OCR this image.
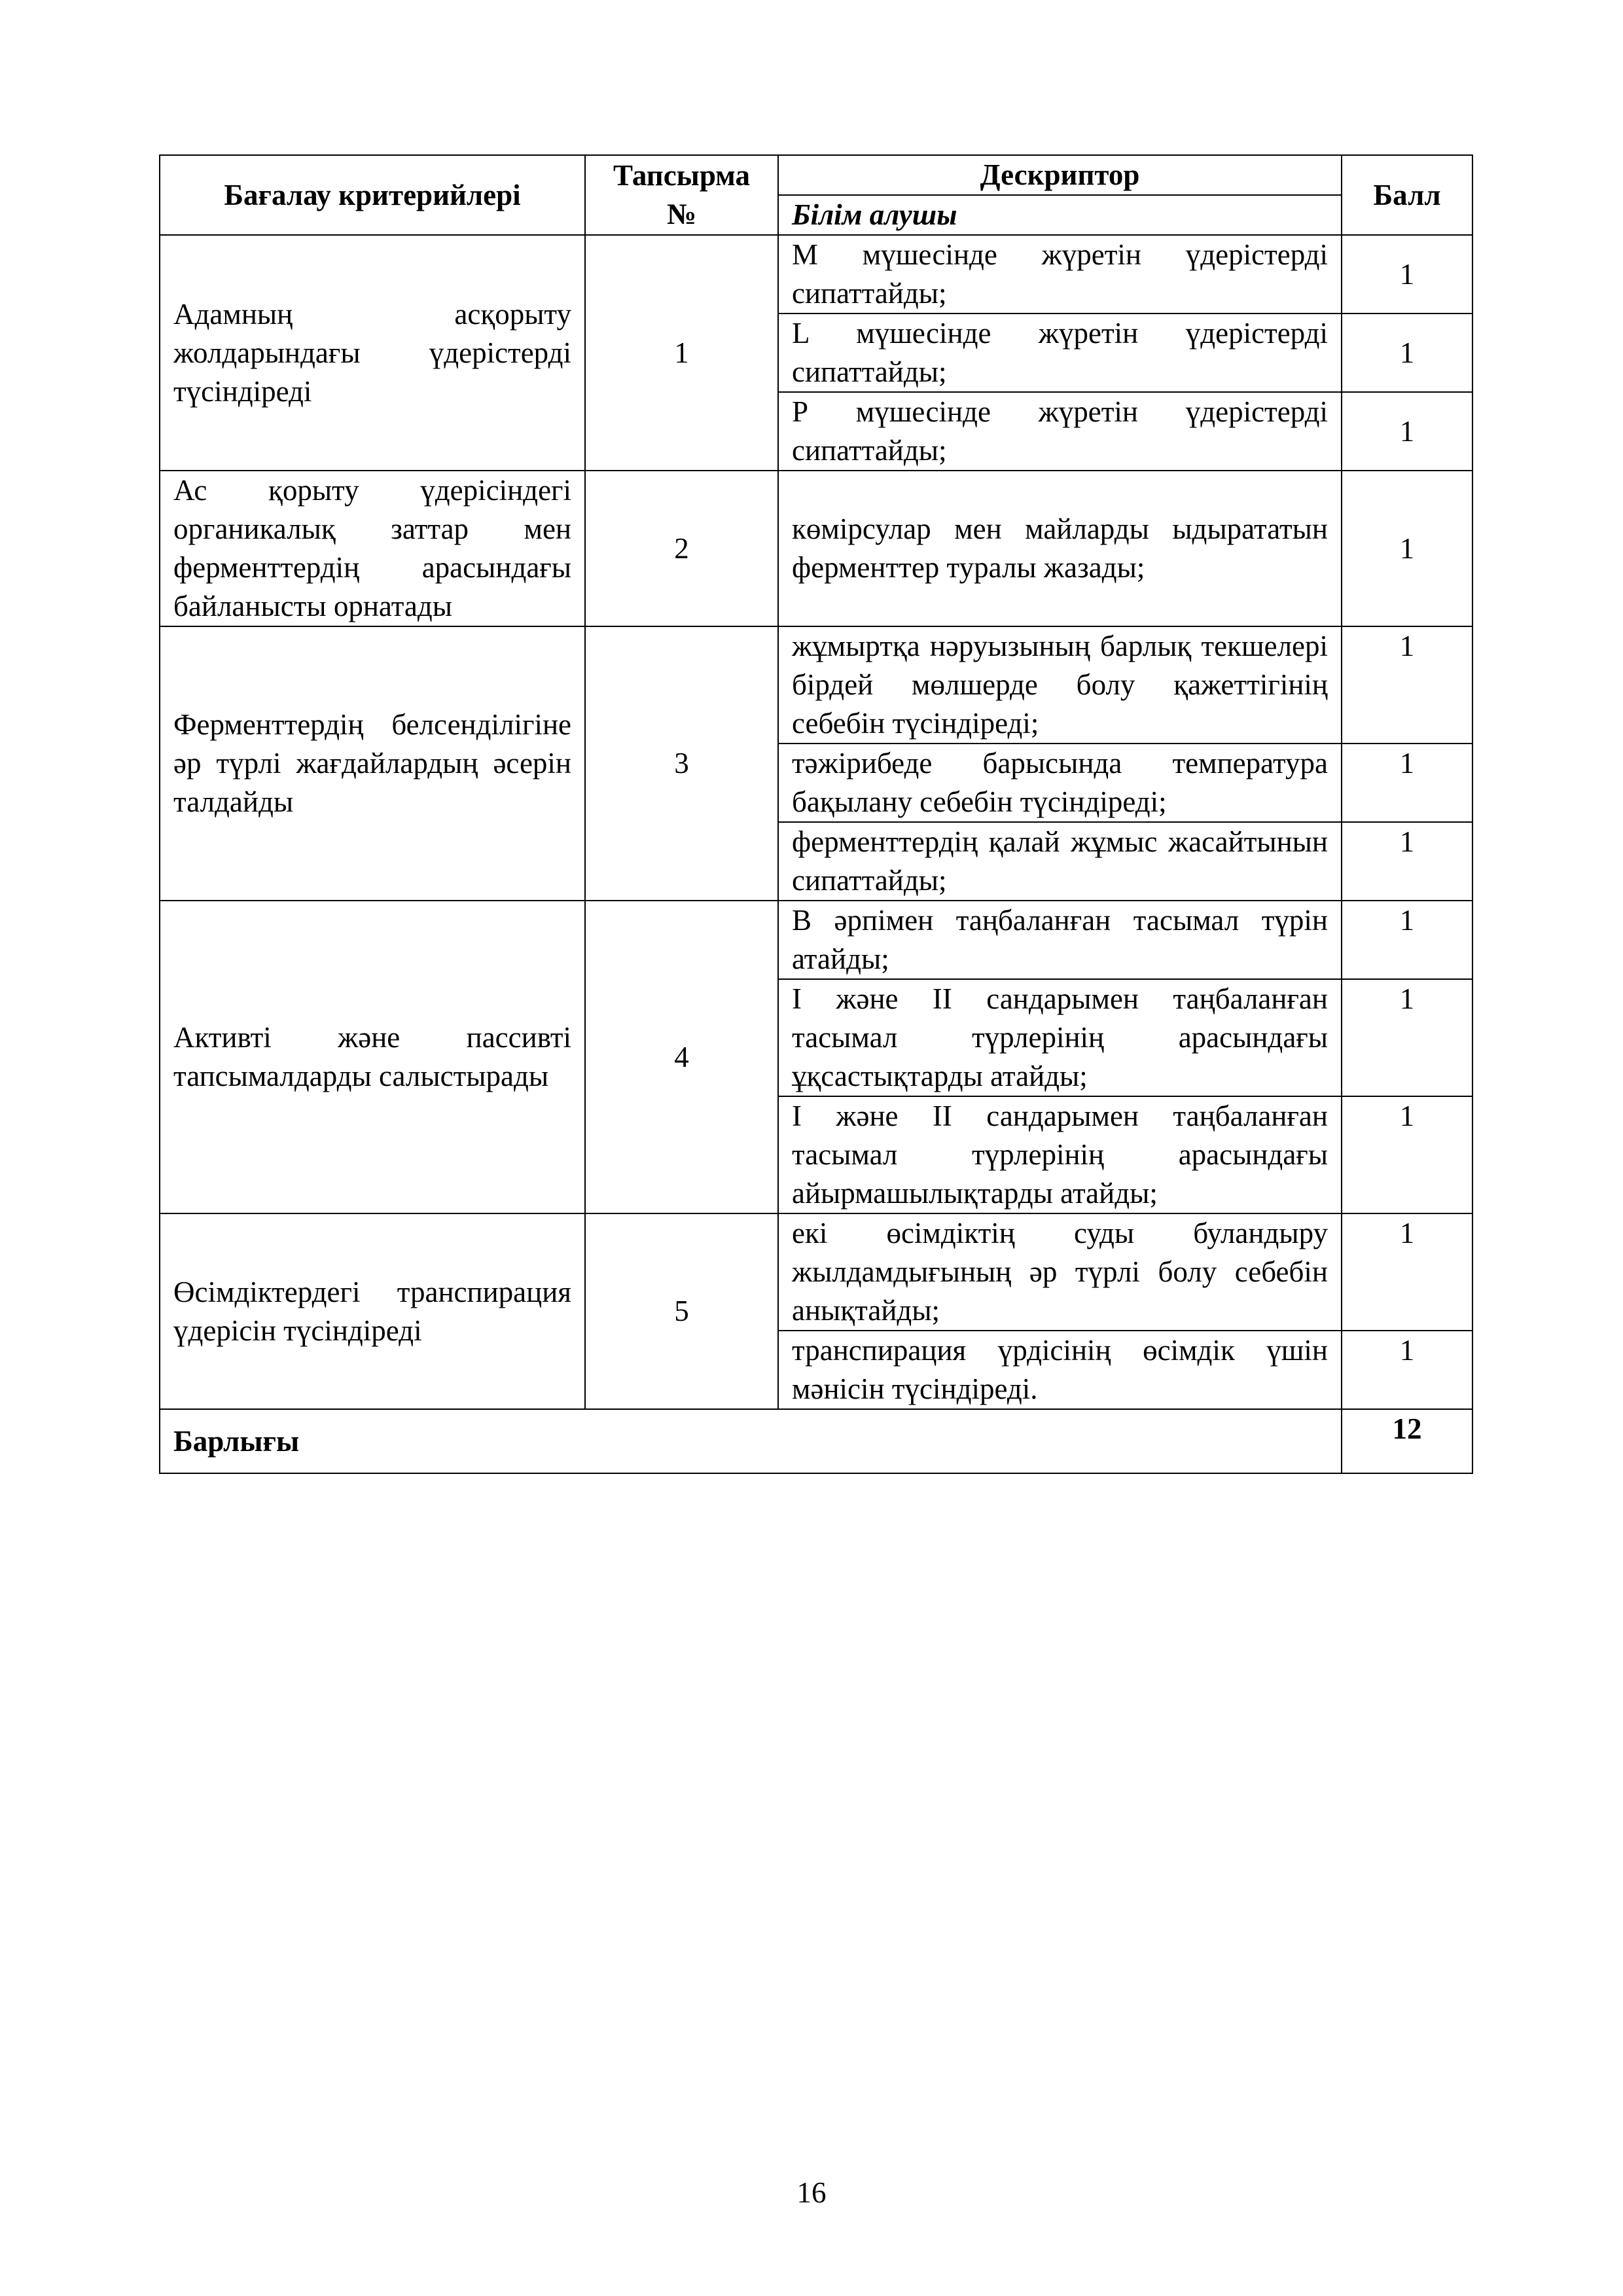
Бағалау критерийлері	Тапсырма №	Дескриптор	Балл
		Білім алушы	
Адамның асқорыту жолдарындағы үдерістерді түсіндіреді	1	М мүшесінде жүретін үдерістерді сипаттайды;	1
		L мүшесінде жүретін үдерістерді сипаттайды;	1
		Р мүшесінде жүретін үдерістерді сипаттайды;	1
Ас қорыту үдерісіндегі органикалық заттар мен ферменттердің арасындағы байланысты орнатады	2	көмірсулар мен майларды ыдырататын ферменттер туралы жазады;	1
Ферменттердің белсенділігіне әр түрлі жағдайлардың әсерін талдайды	3	жұмыртқа нәруызының барлық текшелері бірдей мөлшерде болу қажеттігінің себебін түсіндіреді;	1
		тәжірибеде барысында температура бақылану себебін түсіндіреді;	1
		ферменттердің қалай жұмыс жасайтынын сипаттайды;	1
Активті және пассивті тапсымалдарды салыстырады	4	В әрпімен таңбаланған тасымал түрін атайды;	1
		I және II сандарымен таңбаланған тасымал түрлерінің арасындағы ұқсастықтарды атайды;	1
		I және II сандарымен таңбаланған тасымал түрлерінің арасындағы айырмашылықтарды атайды;	1
Өсімдіктердегі транспирация үдерісін түсіндіреді	5	екі өсімдіктің суды буландыру жылдамдығының әр түрлі болу себебін анықтайды;	1
		транспирация үрдісінің өсімдік үшін мәнісін түсіндіреді.	1
Барлығы			12
16
